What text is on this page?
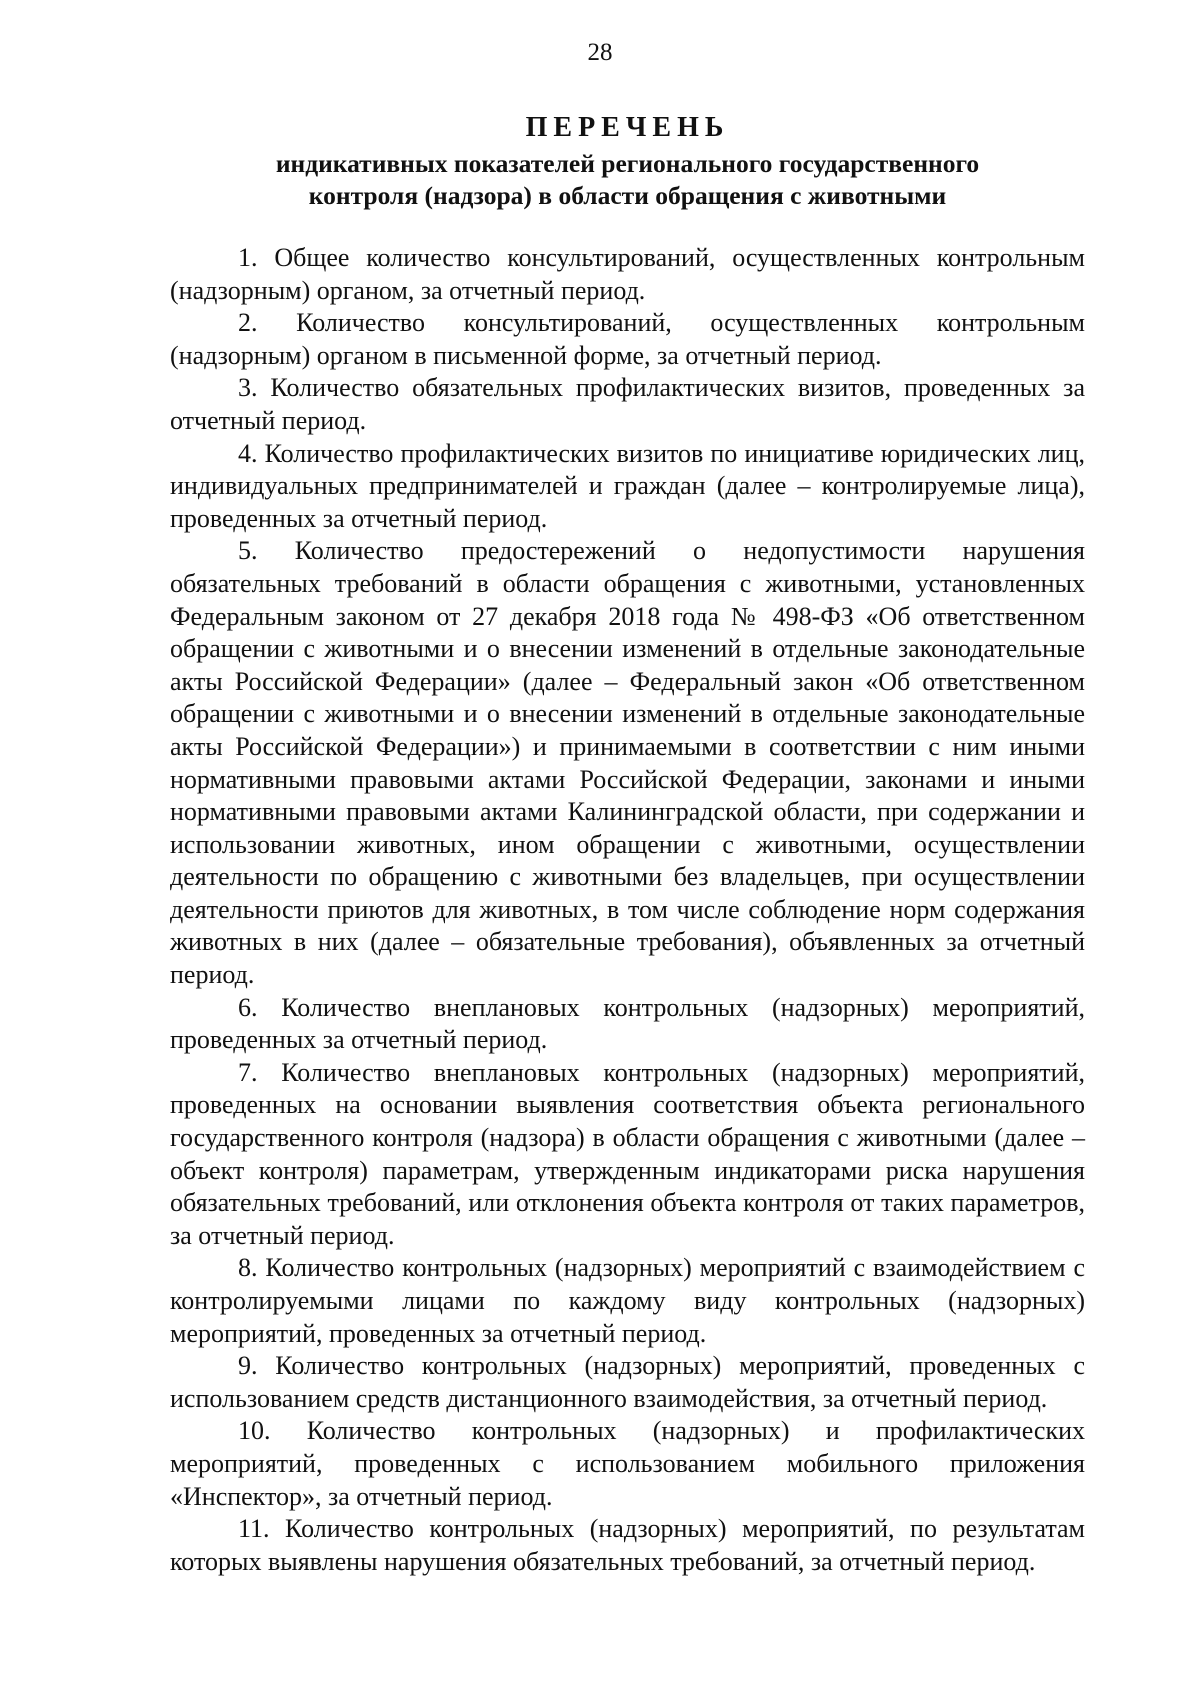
28

ПЕРЕЧЕНЬ

индикативных показателей регионального государственного

контроля (надзора) в области обращения с животными

1. Общее количество консультирований, осуществленных контрольным (надзорным) органом, за отчетный период.

2. Количество консультирований, осуществленных контрольным (надзорным) органом в письменной форме, за отчетный период.

3. Количество обязательных профилактических визитов, проведенных за отчетный период.

4. Количество профилактических визитов по инициативе юридических лиц, индивидуальных предпринимателей и граждан (далее – контролируемые лица), проведенных за отчетный период.

5. Количество предостережений о недопустимости нарушения обязательных требований в области обращения с животными, установленных Федеральным законом от 27 декабря 2018 года № 498-ФЗ «Об ответственном обращении с животными и о внесении изменений в отдельные законодательные акты Российской Федерации» (далее – Федеральный закон «Об ответственном обращении с животными и о внесении изменений в отдельные законодательные акты Российской Федерации») и принимаемыми в соответствии с ним иными нормативными правовыми актами Российской Федерации, законами и иными нормативными правовыми актами Калининградской области, при содержании и использовании животных, ином обращении с животными, осуществлении деятельности по обращению с животными без владельцев, при осуществлении деятельности приютов для животных, в том числе соблюдение норм содержания животных в них (далее – обязательные требования), объявленных за отчетный период.

6. Количество внеплановых контрольных (надзорных) мероприятий, проведенных за отчетный период.

7. Количество внеплановых контрольных (надзорных) мероприятий, проведенных на основании выявления соответствия объекта регионального государственного контроля (надзора) в области обращения с животными (далее – объект контроля) параметрам, утвержденным индикаторами риска нарушения обязательных требований, или отклонения объекта контроля от таких параметров, за отчетный период.

8. Количество контрольных (надзорных) мероприятий с взаимодействием с контролируемыми лицами по каждому виду контрольных (надзорных) мероприятий, проведенных за отчетный период.

9. Количество контрольных (надзорных) мероприятий, проведенных с использованием средств дистанционного взаимодействия, за отчетный период.

10. Количество контрольных (надзорных) и профилактических мероприятий, проведенных с использованием мобильного приложения «Инспектор», за отчетный период.

11. Количество контрольных (надзорных) мероприятий, по результатам которых выявлены нарушения обязательных требований, за отчетный период.
